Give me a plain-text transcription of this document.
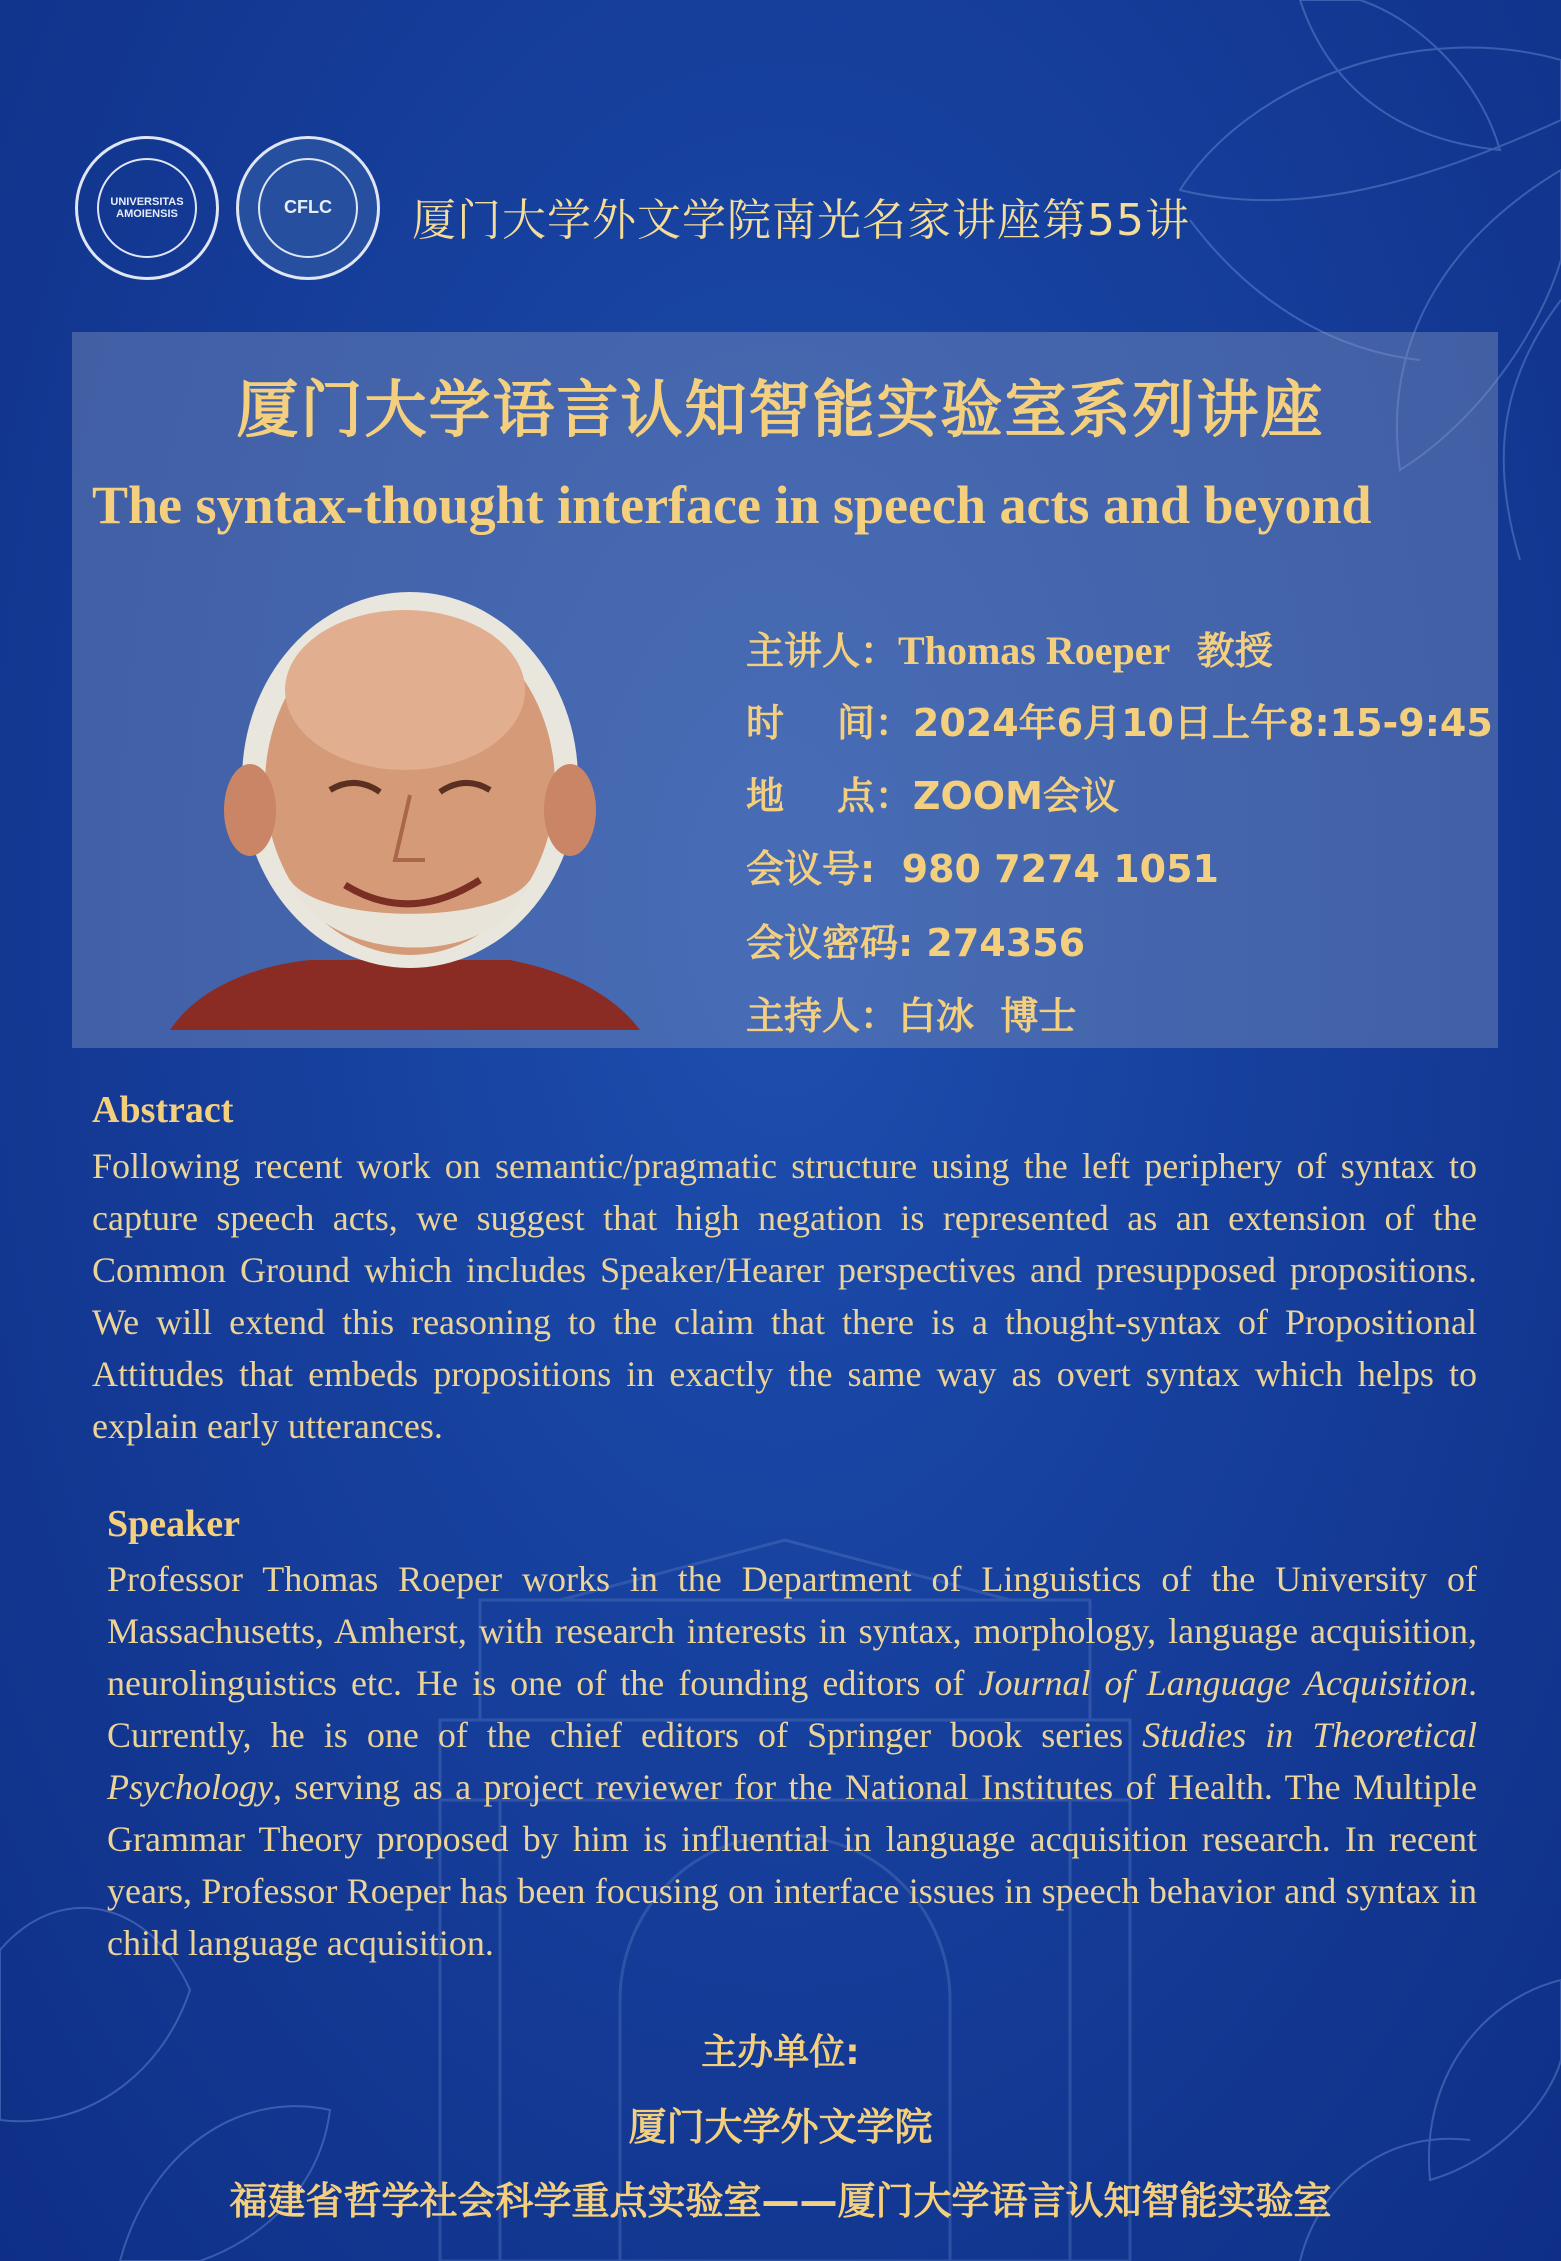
UNIVERSITAS AMOIENSIS	CFLC	厦门大学外文学院南光名家讲座第55讲
厦门大学语言认知智能实验室系列讲座
The syntax-thought interface in speech acts and beyond
主讲人：Thomas Roeper  教授
时    间：2024年6月10日上午8:15-9:45
地    点：ZOOM会议
会议号:  980 7274 1051
会议密码: 274356
主持人：白冰  博士
Abstract
Following recent work on semantic/pragmatic structure using the left periphery of syntax to capture speech acts, we suggest that high negation is represented as an extension of the Common Ground which includes Speaker/Hearer perspectives and presupposed propositions. We will extend this reasoning to the claim that there is a thought-syntax of Propositional Attitudes that embeds propositions in exactly the same way as overt syntax which helps to explain early utterances.
Speaker
Professor Thomas Roeper works in the Department of Linguistics of the University of Massachusetts, Amherst, with research interests in syntax, morphology, language acquisition, neurolinguistics etc. He is one of the founding editors of Journal of Language Acquisition. Currently, he is one of the chief editors of Springer book series Studies in Theoretical Psychology, serving as a project reviewer for the National Institutes of Health. The Multiple Grammar Theory proposed by him is influential in language acquisition research. In recent years, Professor Roeper has been focusing on interface issues in speech behavior and syntax in child language acquisition.
主办单位:
厦门大学外文学院
福建省哲学社会科学重点实验室——厦门大学语言认知智能实验室
